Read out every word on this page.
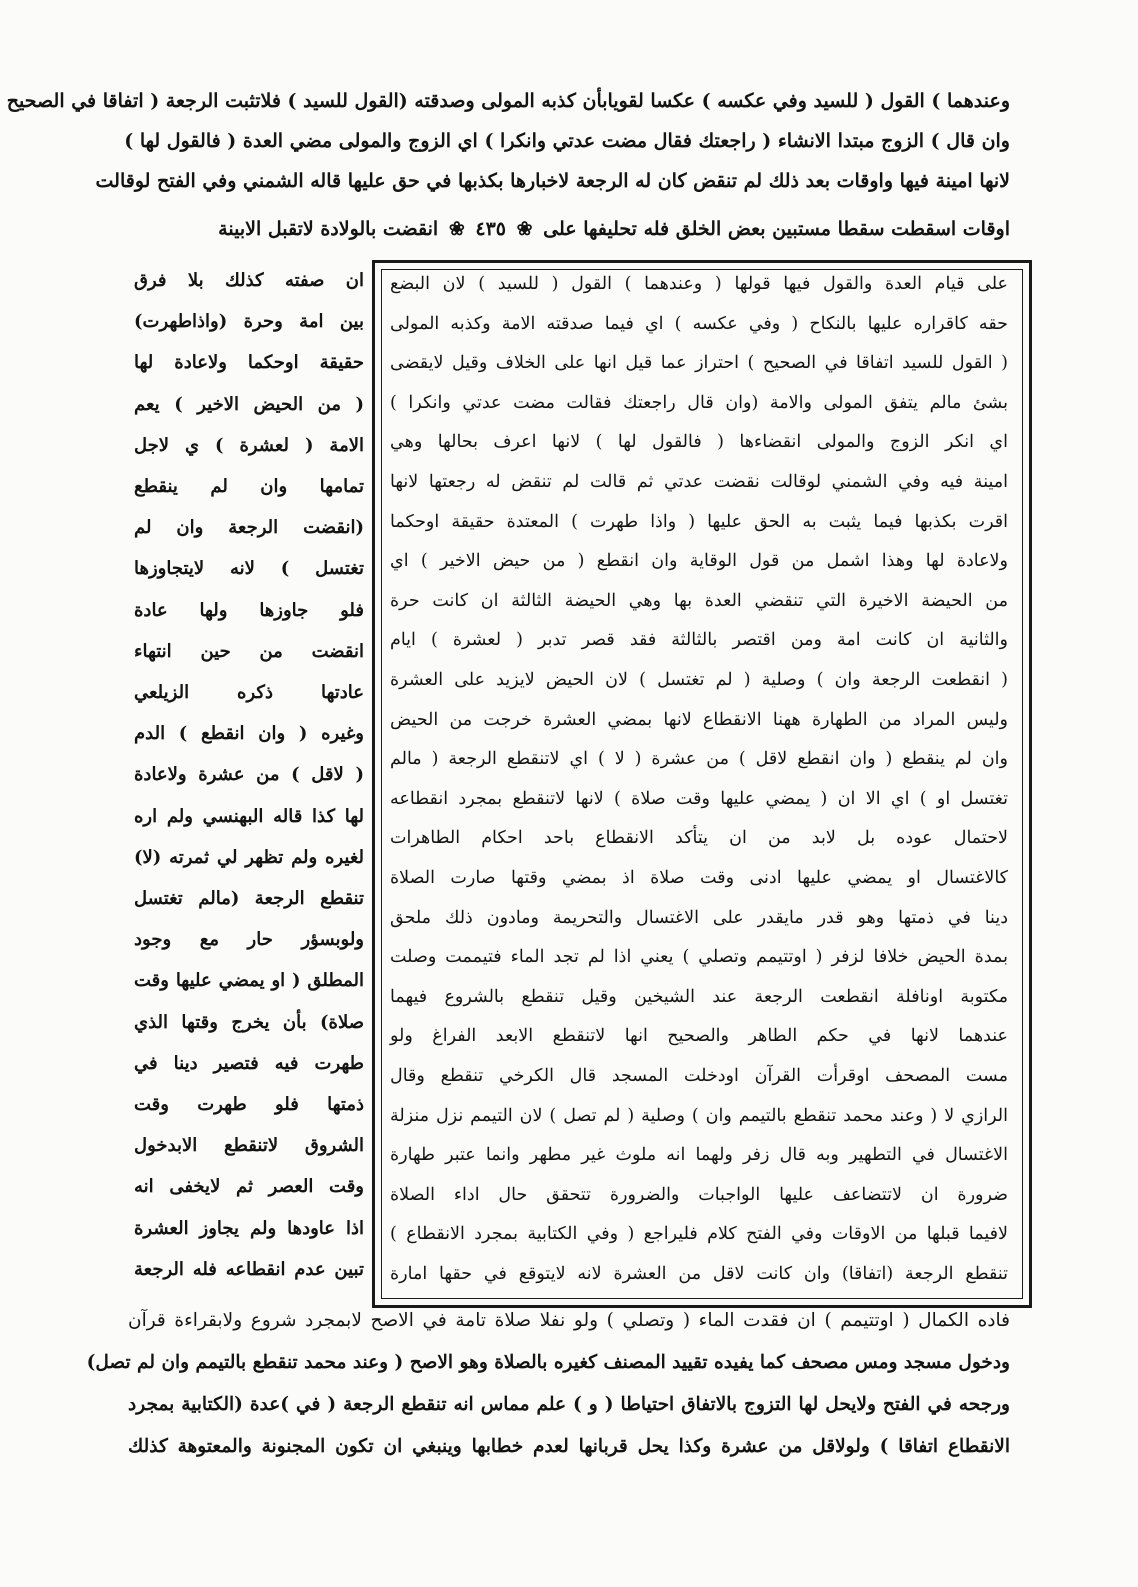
وعندهما ) القول ( للسيد وفي عكسه ) عكسا لقويابأن كذبه المولى وصدقته (القول للسيد ) فلاتثبت الرجعة ( اتفاقا في الصحيح
وان قال ) الزوج مبتدا الانشاء ( راجعتك فقال مضت عدتي وانكرا ) اي الزوج والمولى مضي العدة ( فالقول لها )
لانها امينة فيها واوقات بعد ذلك لم تنقض كان له الرجعة لاخبارها بكذبها في حق عليها قاله الشمني وفي الفتح لوقالت
اوقات اسقطت سقطا مستبين بعض الخلق فله تحليفها على ❀ ٤٣٥ ❀ انقضت بالولادة لاتقبل الابينة
على قيام العدة والقول فيها قولها ( وعندهما ) القول ( للسيد ) لان البضع
حقه كاقراره عليها بالنكاح ( وفي عكسه ) اي فيما صدقته الامة وكذبه المولى
( القول للسيد اتفاقا في الصحيح ) احتراز عما قيل انها على الخلاف وقيل لايقضى
بشئ مالم يتفق المولى والامة (وان قال راجعتك فقالت مضت عدتي وانكرا )
اي انكر الزوج والمولى انقضاءها ( فالقول لها ) لانها اعرف بحالها وهي
امينة فيه وفي الشمني لوقالت نقضت عدتي ثم قالت لم تنقض له رجعتها لانها
اقرت بكذبها فيما يثبت به الحق عليها ( واذا طهرت ) المعتدة حقيقة اوحكما
ولاعادة لها وهذا اشمل من قول الوقاية وان انقطع ( من حيض الاخير ) اي
من الحيضة الاخيرة التي تنقضي العدة بها وهي الحيضة الثالثة ان كانت حرة
والثانية ان كانت امة ومن اقتصر بالثالثة فقد قصر تدبر ( لعشرة ) ايام
( انقطعت الرجعة وان ) وصلية ( لم تغتسل ) لان الحيض لايزيد على العشرة
وليس المراد من الطهارة ههنا الانقطاع لانها بمضي العشرة خرجت من الحيض
وان لم ينقطع ( وان انقطع لاقل ) من عشرة ( لا ) اي لاتنقطع الرجعة ( مالم
تغتسل او ) اي الا ان ( يمضي عليها وقت صلاة ) لانها لاتنقطع بمجرد انقطاعه
لاحتمال عوده بل لابد من ان يتأكد الانقطاع باحد احكام الطاهرات
كالاغتسال او يمضي عليها ادنى وقت صلاة اذ بمضي وقتها صارت الصلاة
دينا في ذمتها وهو قدر مايقدر على الاغتسال والتحريمة ومادون ذلك ملحق
بمدة الحيض خلافا لزفر ( اوتتيمم وتصلي ) يعني اذا لم تجد الماء فتيممت وصلت
مكتوبة اونافلة انقطعت الرجعة عند الشيخين وقيل تنقطع بالشروع فيهما
عندهما لانها في حكم الطاهر والصحيح انها لاتنقطع الابعد الفراغ ولو
مست المصحف اوقرأت القرآن اودخلت المسجد قال الكرخي تنقطع وقال
الرازي لا ( وعند محمد تنقطع بالتيمم وان ) وصلية ( لم تصل ) لان التيمم نزل منزلة
الاغتسال في التطهير وبه قال زفر ولهما انه ملوث غير مطهر وانما عتبر طهارة
ضرورة ان لاتتضاعف عليها الواجبات والضرورة تتحقق حال اداء الصلاة
لافيما قبلها من الاوقات وفي الفتح كلام فليراجع ( وفي الكتابية بمجرد الانقطاع )
تنقطع الرجعة (اتفاقا) وان كانت لاقل من العشرة لانه لايتوقع في حقها امارة
ان صفته كذلك بلا فرق
بين امة وحرة (واذاطهرت)
حقيقة اوحكما ولاعادة لها
( من الحيض الاخير ) يعم
الامة ( لعشرة ) ي لاجل
تمامها وان لم ينقطع
(انقضت الرجعة وان لم
تغتسل ) لانه لايتجاوزها
فلو جاوزها ولها عادة
انقضت من حين انتهاء
عادتها ذكره الزيلعي
وغيره ( وان انقطع ) الدم
( لاقل ) من عشرة ولاعادة
لها كذا قاله البهنسي ولم اره
لغيره ولم تظهر لي ثمرته (لا)
تنقطع الرجعة (مالم تغتسل
ولوبسؤر حار مع وجود
المطلق ( او يمضي عليها وقت
صلاة) بأن يخرج وقتها الذي
طهرت فيه فتصير دينا في
ذمتها فلو طهرت وقت
الشروق لاتنقطع الابدخول
وقت العصر ثم لايخفى انه
اذا عاودها ولم يجاوز العشرة
تبين عدم انقطاعه فله الرجعة
فاده الكمال ( اوتتيمم ) ان فقدت الماء ( وتصلي ) ولو نفلا صلاة تامة في الاصح لابمجرد شروع ولابقراءة قرآن
ودخول مسجد ومس مصحف كما يفيده تقييد المصنف كغيره بالصلاة وهو الاصح ( وعند محمد تنقطع بالتيمم وان لم تصل)
ورجحه في الفتح ولايحل لها التزوج بالاتفاق احتياطا ( و ) علم مماس انه تنقطع الرجعة ( في )عدة (الكتابية بمجرد
الانقطاع اتفاقا ) ولولاقل من عشرة وكذا يحل قربانها لعدم خطابها وينبغي ان تكون المجنونة والمعتوهة كذلك
